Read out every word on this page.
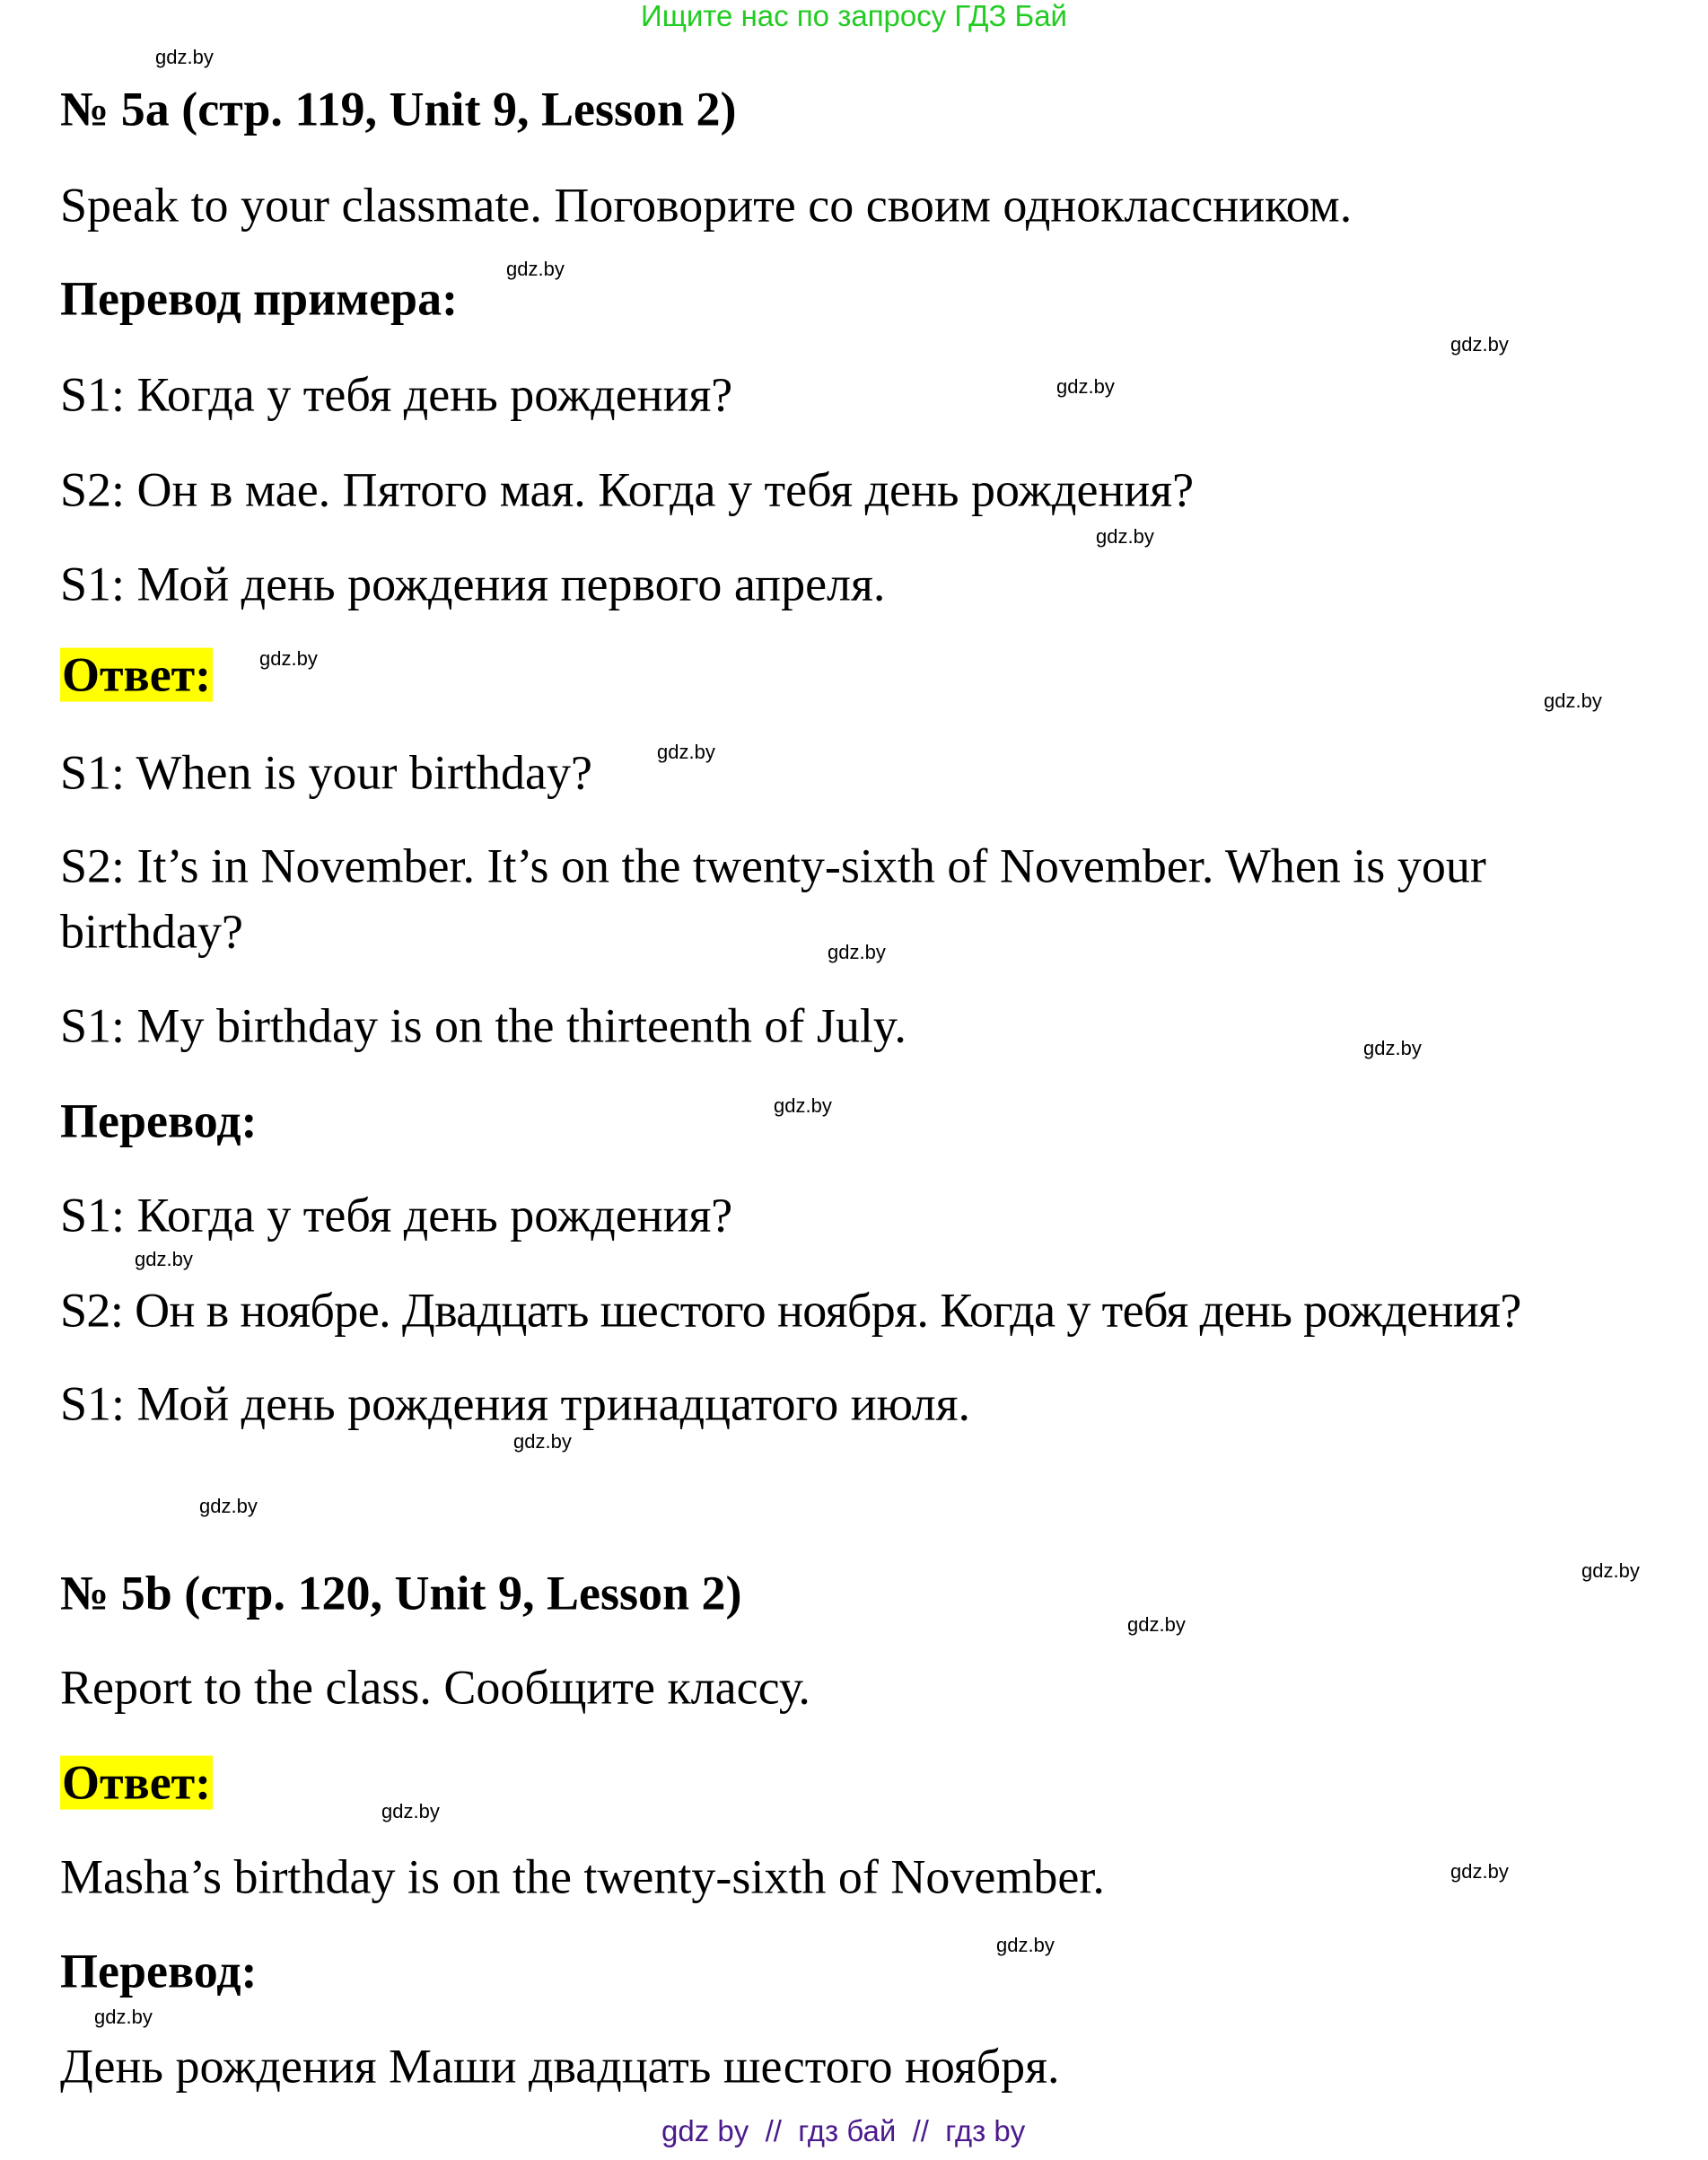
Ищите нас по запросу ГДЗ Бай
№ 5a (стр. 119, Unit 9, Lesson 2)
Speak to your classmate. Поговорите со своим одноклассником.
Перевод примера:
S1: Когда у тебя день рождения?
S2: Он в мае. Пятого мая. Когда у тебя день рождения?
S1: Мой день рождения первого апреля.
Ответ:
S1: When is your birthday?
S2: It’s in November. It’s on the twenty-sixth of November. When is your
birthday?
S1: My birthday is on the thirteenth of July.
Перевод:
S1: Когда у тебя день рождения?
S2: Он в ноябре. Двадцать шестого ноября. Когда у тебя день рождения?
S1: Мой день рождения тринадцатого июля.
№ 5b (стр. 120, Unit 9, Lesson 2)
Report to the class. Сообщите классу.
Ответ:
Masha’s birthday is on the twenty-sixth of November.
Перевод:
День рождения Маши двадцать шестого ноября.
gdz.by
gdz.by
gdz.by
gdz.by
gdz.by
gdz.by
gdz.by
gdz.by
gdz.by
gdz.by
gdz.by
gdz.by
gdz.by
gdz.by
gdz.by
gdz.by
gdz.by
gdz.by
gdz.by
gdz.by
gdz by  //  гдз бай  //  гдз by
